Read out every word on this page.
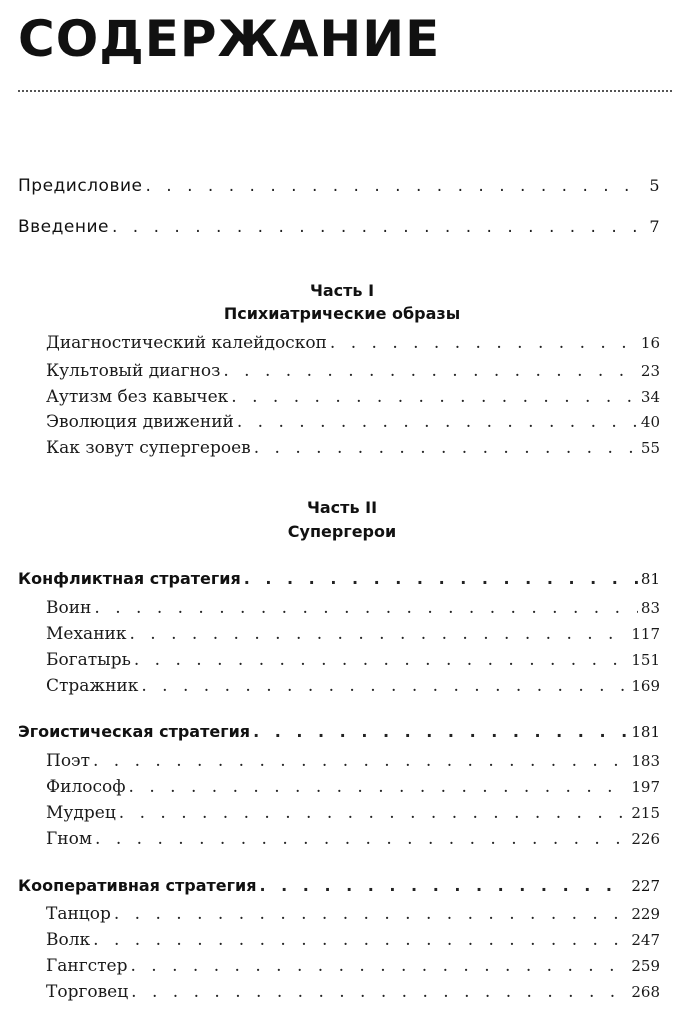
СОДЕРЖАНИЕ
Предисловие . . .	5
Введение . . .	7
Часть I
Психиатрические образы
Диагностический калейдоскоп . . .	16
Культовый диагноз . . .	23
Аутизм без кавычек . . .	34
Эволюция движений . . .	40
Как зовут супергероев . . .	55
Часть II
Супергерои
Конфликтная стратегия . . .	81
Воин . . .	83
Механик . . .	117
Богатырь . . .	151
Стражник . . .	169
Эгоистическая стратегия . . .	181
Поэт . . .	183
Философ . . .	197
Мудрец . . .	215
Гном . . .	226
Кооперативная стратегия . . .	227
Танцор . . .	229
Волк . . .	247
Гангстер . . .	259
Торговец . . .	268
